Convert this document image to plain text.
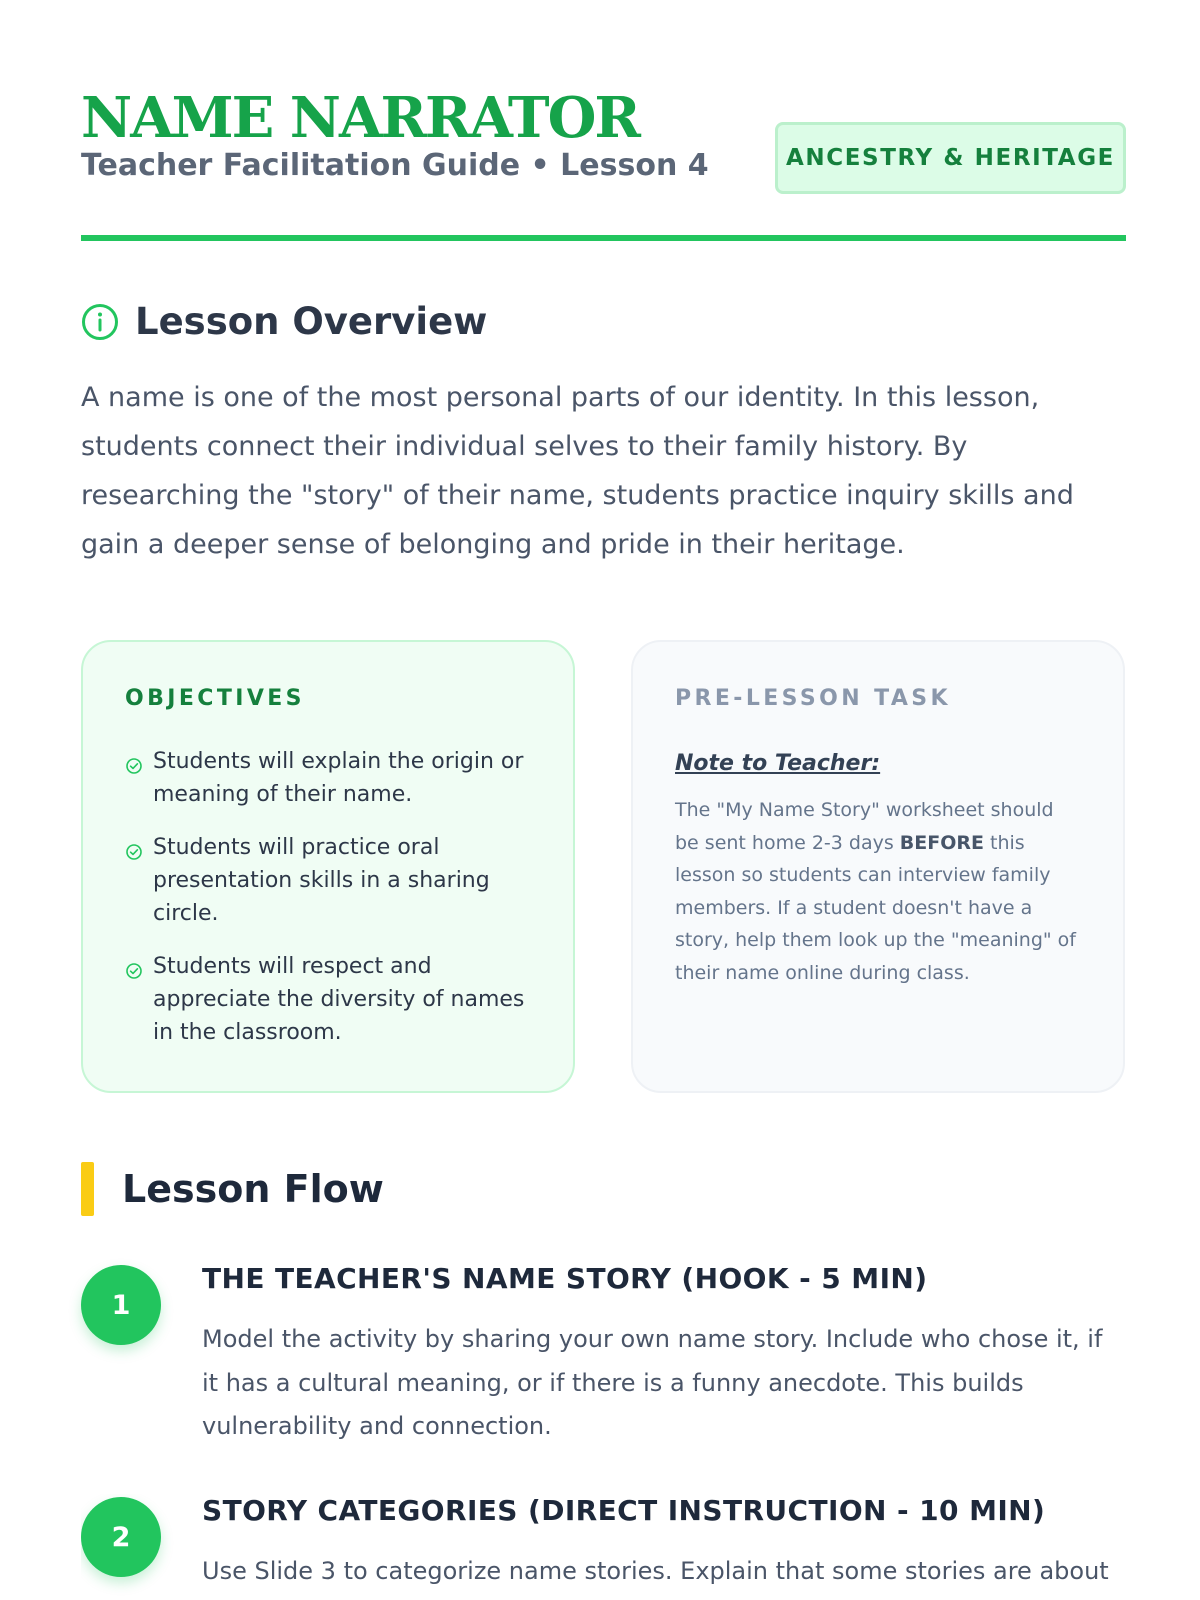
NAME NARRATOR
Teacher Facilitation Guide • Lesson 4	ANCESTRY & HERITAGE
Lesson Overview

A name is one of the most personal parts of our identity. In this lesson, students connect their individual selves to their family history. By researching the "story" of their name, students practice inquiry skills and gain a deeper sense of belonging and pride in their heritage.

OBJECTIVES
Students will explain the origin or meaning of their name.
Students will practice oral presentation skills in a sharing circle.
Students will respect and appreciate the diversity of names in the classroom.
PRE-LESSON TASK
Note to Teacher:

The "My Name Story" worksheet should be sent home 2-3 days BEFORE this lesson so students can interview family members. If a student doesn't have a story, help them look up the "meaning" of their name online during class.

Lesson Flow
1
THE TEACHER'S NAME STORY (HOOK - 5 MIN)

Model the activity by sharing your own name story. Include who chose it, if it has a cultural meaning, or if there is a funny anecdote. This builds vulnerability and connection.

2
STORY CATEGORIES (DIRECT INSTRUCTION - 10 MIN)

Use Slide 3 to categorize name stories. Explain that some stories are about
